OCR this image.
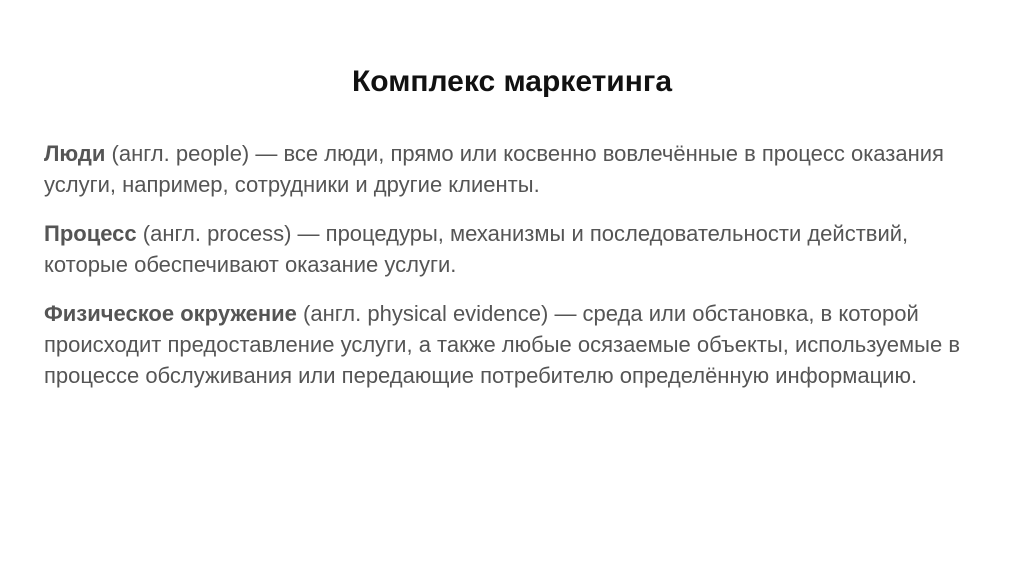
Комплекс маркетинга

Люди (англ. people) — все люди, прямо или косвенно вовлечённые в процесс оказания услуги, например, сотрудники и другие клиенты.

Процесс (англ. process) — процедуры, механизмы и последовательности действий, которые обеспечивают оказание услуги.

Физическое окружение (англ. physical evidence) — среда или обстановка, в которой происходит предоставление услуги, а также любые осязаемые объекты, используемые в процессе обслуживания или передающие потребителю определённую информацию.
